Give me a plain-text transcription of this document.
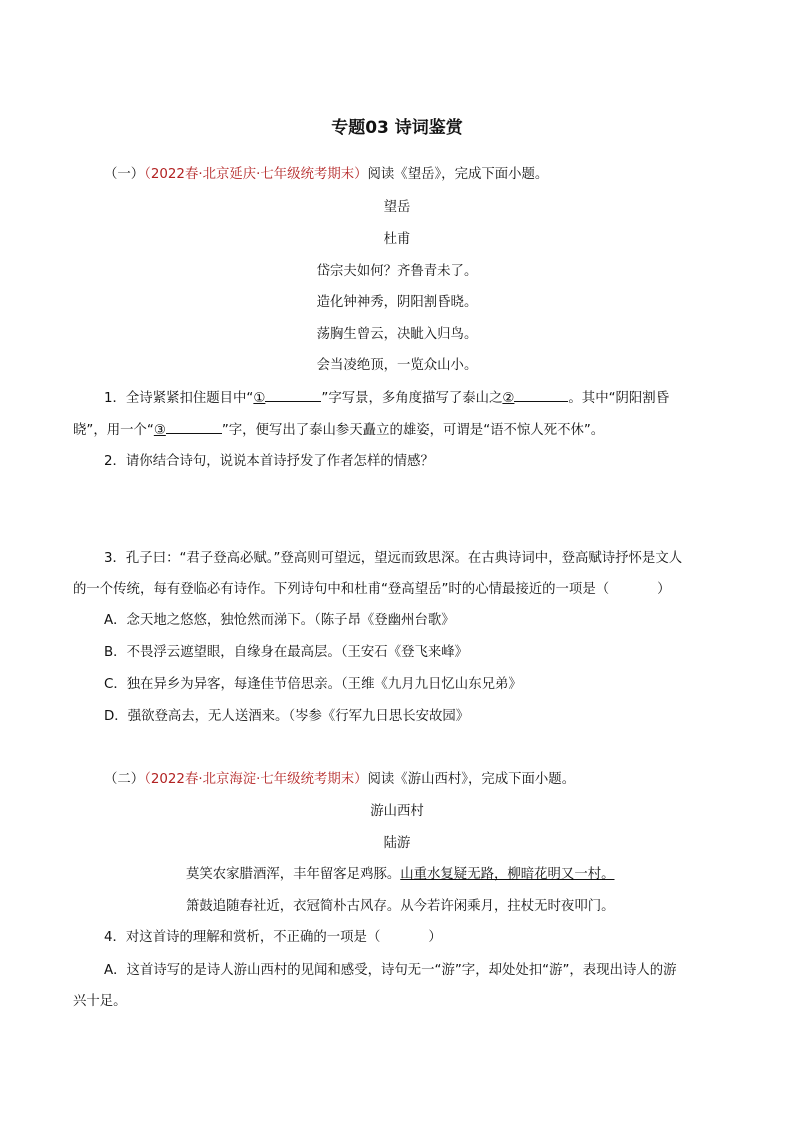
专题03 诗词鉴赏
（一）（2022春·北京延庆·七年级统考期末）阅读《望岳》，完成下面小题。
望岳
杜甫
岱宗夫如何？齐鲁青未了。
造化钟神秀，阴阳割昏晓。
荡胸生曾云，决眦入归鸟。
会当凌绝顶，一览众山小。
1．全诗紧紧扣住题目中“①	”字写景，多角度描写了泰山之②	。其中“阴阳割昏
晓”，用一个“③	”字，便写出了泰山参天矗立的雄姿，可谓是“语不惊人死不休”。
2．请你结合诗句，说说本首诗抒发了作者怎样的情感？
3．孔子曰：“君子登高必赋。”登高则可望远，望远而致思深。在古典诗词中，登高赋诗抒怀是文人
的一个传统，每有登临必有诗作。下列诗句中和杜甫“登高望岳”时的心情最接近的一项是（	）
A．念天地之悠悠，独怆然而涕下。（陈子昂《登幽州台歌》
B．不畏浮云遮望眼，自缘身在最高层。（王安石《登飞来峰》
C．独在异乡为异客，每逢佳节倍思亲。（王维《九月九日忆山东兄弟》
D．强欲登高去，无人送酒来。（岑参《行军九日思长安故园》
（二）（2022春·北京海淀·七年级统考期末）阅读《游山西村》，完成下面小题。
游山西村
陆游
莫笑农家腊酒浑，丰年留客足鸡豚。山重水复疑无路，柳暗花明又一村。
箫鼓追随春社近，衣冠简朴古风存。从今若许闲乘月，拄杖无时夜叩门。
4．对这首诗的理解和赏析，不正确的一项是（	）
A．这首诗写的是诗人游山西村的见闻和感受，诗句无一“游”字，却处处扣“游”，表现出诗人的游
兴十足。
